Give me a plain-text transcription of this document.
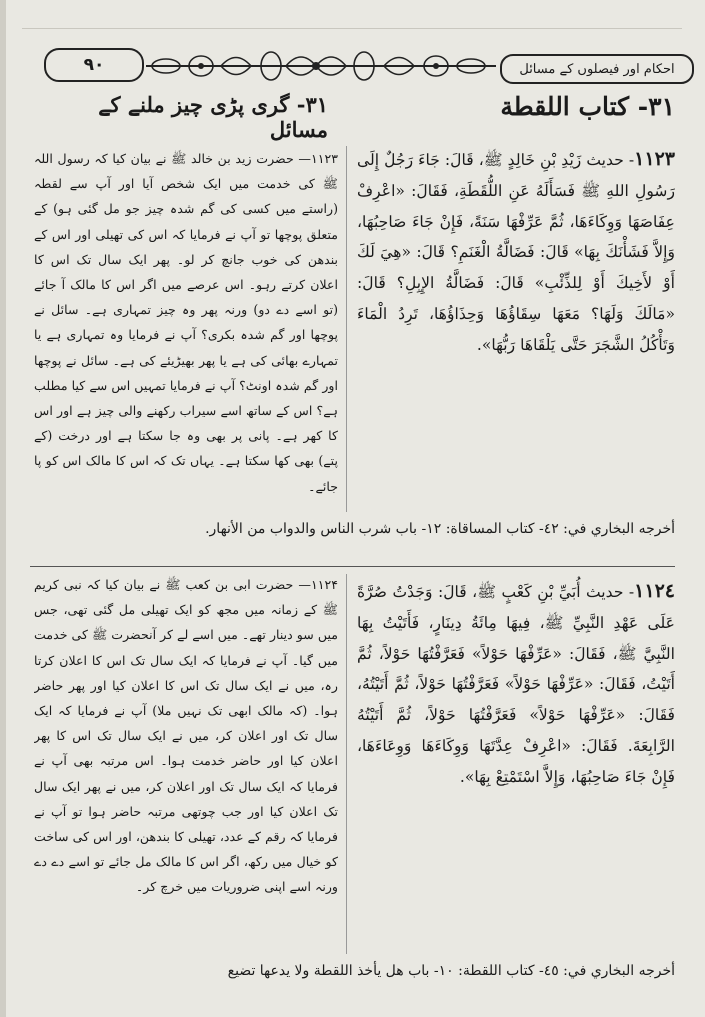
۹۰	احکام اور فیصلوں کے مسائل
٣١- كتاب اللقطة
٣١- گری پڑی چیز ملنے کے مسائل

١١٢٣- حديث زَيْدِ بْنِ خَالِدٍ ﷺ، قَالَ: جَاءَ رَجُلٌ إِلَى رَسُولِ اللهِ ﷺ فَسَأَلَهُ عَنِ اللُّقَطَةِ، فَقَالَ: «اعْرِفْ عِفَاصَهَا وَوِكَاءَهَا، ثُمَّ عَرِّفْهَا سَنَةً، فَإِنْ جَاءَ صَاحِبُهَا، وَإِلاَّ فَشَأْنَكَ بِهَا» قَالَ: فَضَالَّةُ الْغَنَمِ؟ قَالَ: «هِيَ لَكَ أَوْ لأَخِيكَ أَوْ لِلذِّئْبِ» قَالَ: فَضَالَّةُ الإِبِلِ؟ قَالَ: «مَالَكَ وَلَهَا؟ مَعَهَا سِقَاؤُهَا وَحِذَاؤُهَا، تَرِدُ الْمَاءَ وَتَأْكُلُ الشَّجَرَ حَتَّى يَلْقَاهَا رَبُّهَا».

۱۱۲۳— حضرت زید بن خالد ﷺ نے بیان کیا کہ رسول اللہ ﷺ کی خدمت میں ایک شخص آیا اور آپ سے لقطہ (راستے میں کسی کی گم شدہ چیز جو مل گئی ہو) کے متعلق پوچھا تو آپ نے فرمایا کہ اس کی تھیلی اور اس کے بندھن کی خوب جانچ کر لو۔ پھر ایک سال تک اس کا اعلان کرتے رہو۔ اس عرصے میں اگر اس کا مالک آ جائے (تو اسے دے دو) ورنہ پھر وہ چیز تمہاری ہے۔ سائل نے پوچھا اور گم شدہ بکری؟ آپ نے فرمایا وہ تمہاری ہے یا تمہارے بھائی کی ہے یا پھر بھیڑیئے کی ہے۔ سائل نے پوچھا اور گم شدہ اونٹ؟ آپ نے فرمایا تمہیں اس سے کیا مطلب ہے؟ اس کے ساتھ اسے سیراب رکھنے والی چیز ہے اور اس کا کھر ہے۔ پانی پر بھی وہ جا سکتا ہے اور درخت (کے پتے) بھی کھا سکتا ہے۔ یہاں تک کہ اس کا مالک اس کو پا جائے۔

أخرجه البخاري في: ٤٢- كتاب المساقاة: ١٢- باب شرب الناس والدواب من الأنهار.

١١٢٤- حديث أُبَيِّ بْنِ كَعْبٍ ﷺ، قَالَ: وَجَدْتُ صُرَّةً عَلَى عَهْدِ النَّبِيِّ ﷺ، فِيهَا مِائَةُ دِينَارٍ، فَأَتَيْتُ بِهَا النَّبِيَّ ﷺ، فَقَالَ: «عَرِّفْهَا حَوْلاً» فَعَرَّفْتُهَا حَوْلاً، ثُمَّ أَتَيْتُ، فَقَالَ: «عَرِّفْهَا حَوْلاً» فَعَرَّفْتُهَا حَوْلاً، ثُمَّ أَتَيْتُهُ، فَقَالَ: «عَرِّفْهَا حَوْلاً» فَعَرَّفْتُهَا حَوْلاً، ثُمَّ أَتَيْتُهُ الرَّابِعَةَ. فَقَالَ: «اعْرِفْ عِدَّتَهَا وَوِكَاءَهَا وَوِعَاءَهَا، فَإِنْ جَاءَ صَاحِبُهَا، وَإِلاَّ اسْتَمْتِعْ بِهَا».

۱۱۲۴— حضرت ابی بن کعب ﷺ نے بیان کیا کہ نبی کریم ﷺ کے زمانہ میں مجھ کو ایک تھیلی مل گئی تھی، جس میں سو دینار تھے۔ میں اسے لے کر آنحضرت ﷺ کی خدمت میں گیا۔ آپ نے فرمایا کہ ایک سال تک اس کا اعلان کرتا رہ، میں نے ایک سال تک اس کا اعلان کیا اور پھر حاضر ہوا۔ (کہ مالک ابھی تک نہیں ملا) آپ نے فرمایا کہ ایک سال تک اور اعلان کر، میں نے ایک سال تک اس کا پھر اعلان کیا اور حاضر خدمت ہوا۔ اس مرتبہ بھی آپ نے فرمایا کہ ایک سال تک اور اعلان کر، میں نے پھر ایک سال تک اعلان کیا اور جب چوتھی مرتبہ حاضر ہوا تو آپ نے فرمایا کہ رقم کے عدد، تھیلی کا بندھن، اور اس کی ساخت کو خیال میں رکھ، اگر اس کا مالک مل جائے تو اسے دے دے ورنہ اسے اپنی ضروریات میں خرچ کر۔

أخرجه البخاري في: ٤٥- كتاب اللقطة: ١٠- باب هل يأخذ اللقطة ولا يدعها تضيع
